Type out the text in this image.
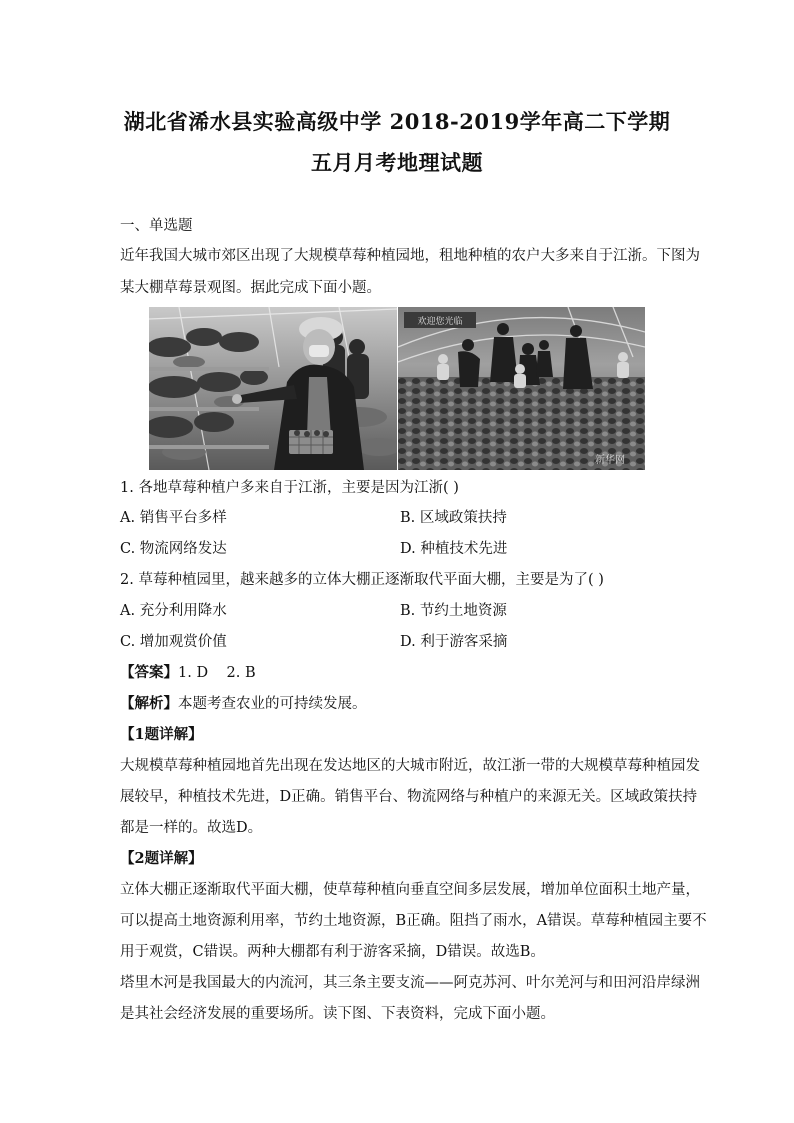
湖北省浠水县实验高级中学 2018-2019学年高二下学期
五月月考地理试题
一、单选题
近年我国大城市郊区出现了大规模草莓种植园地，租地种植的农户大多来自于江浙。下图为
某大棚草莓景观图。据此完成下面小题。
欢迎您光临
新华网
1. 各地草莓种植户多来自于江浙，主要是因为江浙( )
A. 销售平台多样	B. 区域政策扶持
C. 物流网络发达	D. 种植技术先进
2. 草莓种植园里，越来越多的立体大棚正逐渐取代平面大棚，主要是为了( )
A. 充分利用降水	B. 节约土地资源
C. 增加观赏价值	D. 利于游客采摘
【答案】1. D    2. B
【解析】本题考查农业的可持续发展。
【1题详解】
大规模草莓种植园地首先出现在发达地区的大城市附近，故江浙一带的大规模草莓种植园发
展较早，种植技术先进，D正确。销售平台、物流网络与种植户的来源无关。区域政策扶持
都是一样的。故选D。
【2题详解】
立体大棚正逐渐取代平面大棚，使草莓种植向垂直空间多层发展，增加单位面积土地产量，
可以提高土地资源利用率，节约土地资源，B正确。阻挡了雨水，A错误。草莓种植园主要不
用于观赏，C错误。两种大棚都有利于游客采摘，D错误。故选B。
塔里木河是我国最大的内流河，其三条主要支流——阿克苏河、叶尔羌河与和田河沿岸绿洲
是其社会经济发展的重要场所。读下图、下表资料，完成下面小题。
